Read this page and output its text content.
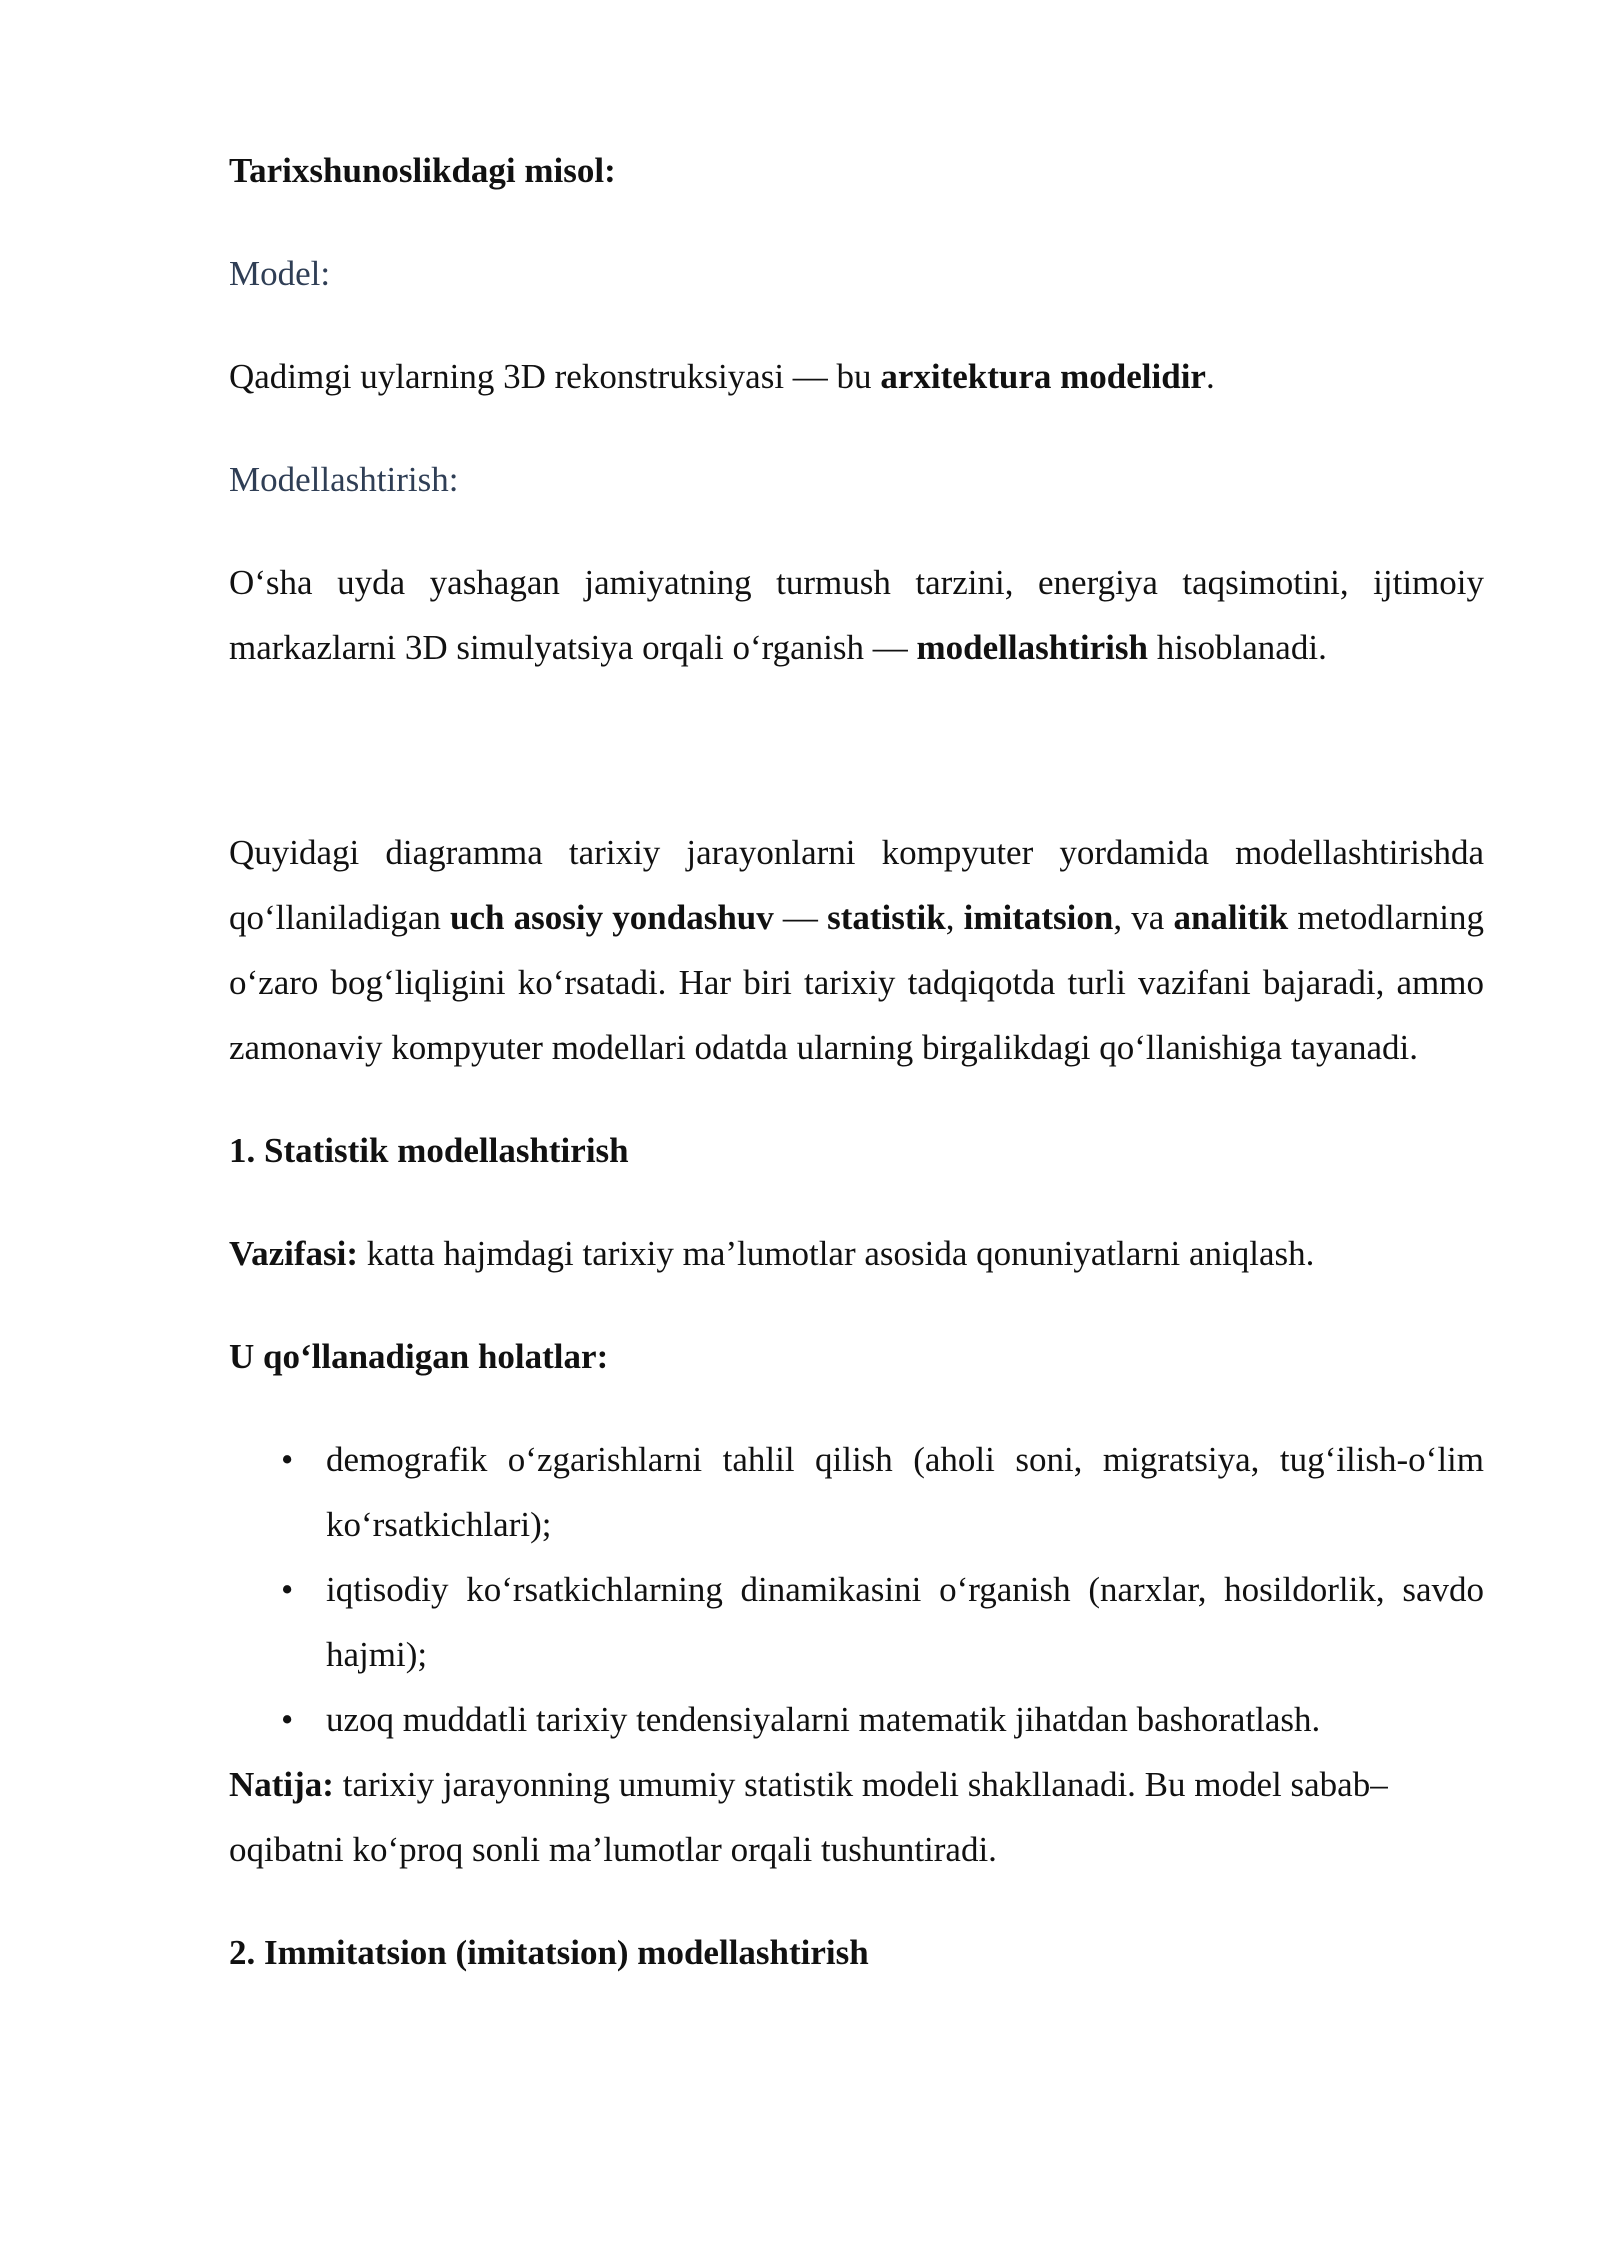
Tarixshunoslikdagi misol:

Model:

Qadimgi uylarning 3D rekonstruksiyasi — bu arxitektura modelidir.

Modellashtirish:

O‘sha uyda yashagan jamiyatning turmush tarzini, energiya taqsimotini, ijtimoiy markazlarni 3D simulyatsiya orqali o‘rganish — modellashtirish hisoblanadi.

Quyidagi diagramma tarixiy jarayonlarni kompyuter yordamida modellashtirishda qo‘llaniladigan uch asosiy yondashuv — statistik, imitatsion, va analitik metodlarning o‘zaro bog‘liqligini ko‘rsatadi. Har biri tarixiy tadqiqotda turli vazifani bajaradi, ammo zamonaviy kompyuter modellari odatda ularning birgalikdagi qo‘llanishiga tayanadi.

1. Statistik modellashtirish

Vazifasi: katta hajmdagi tarixiy ma’lumotlar asosida qonuniyatlarni aniqlash.

U qo‘llanadigan holatlar:

• demografik o‘zgarishlarni tahlil qilish (aholi soni, migratsiya, tug‘ilish-o‘lim ko‘rsatkichlari);
• iqtisodiy ko‘rsatkichlarning dinamikasini o‘rganish (narxlar, hosildorlik, savdo hajmi);
• uzoq muddatli tarixiy tendensiyalarni matematik jihatdan bashoratlash.

Natija: tarixiy jarayonning umumiy statistik modeli shakllanadi. Bu model sabab–oqibatni ko‘proq sonli ma’lumotlar orqali tushuntiradi.

2. Immitatsion (imitatsion) modellashtirish
